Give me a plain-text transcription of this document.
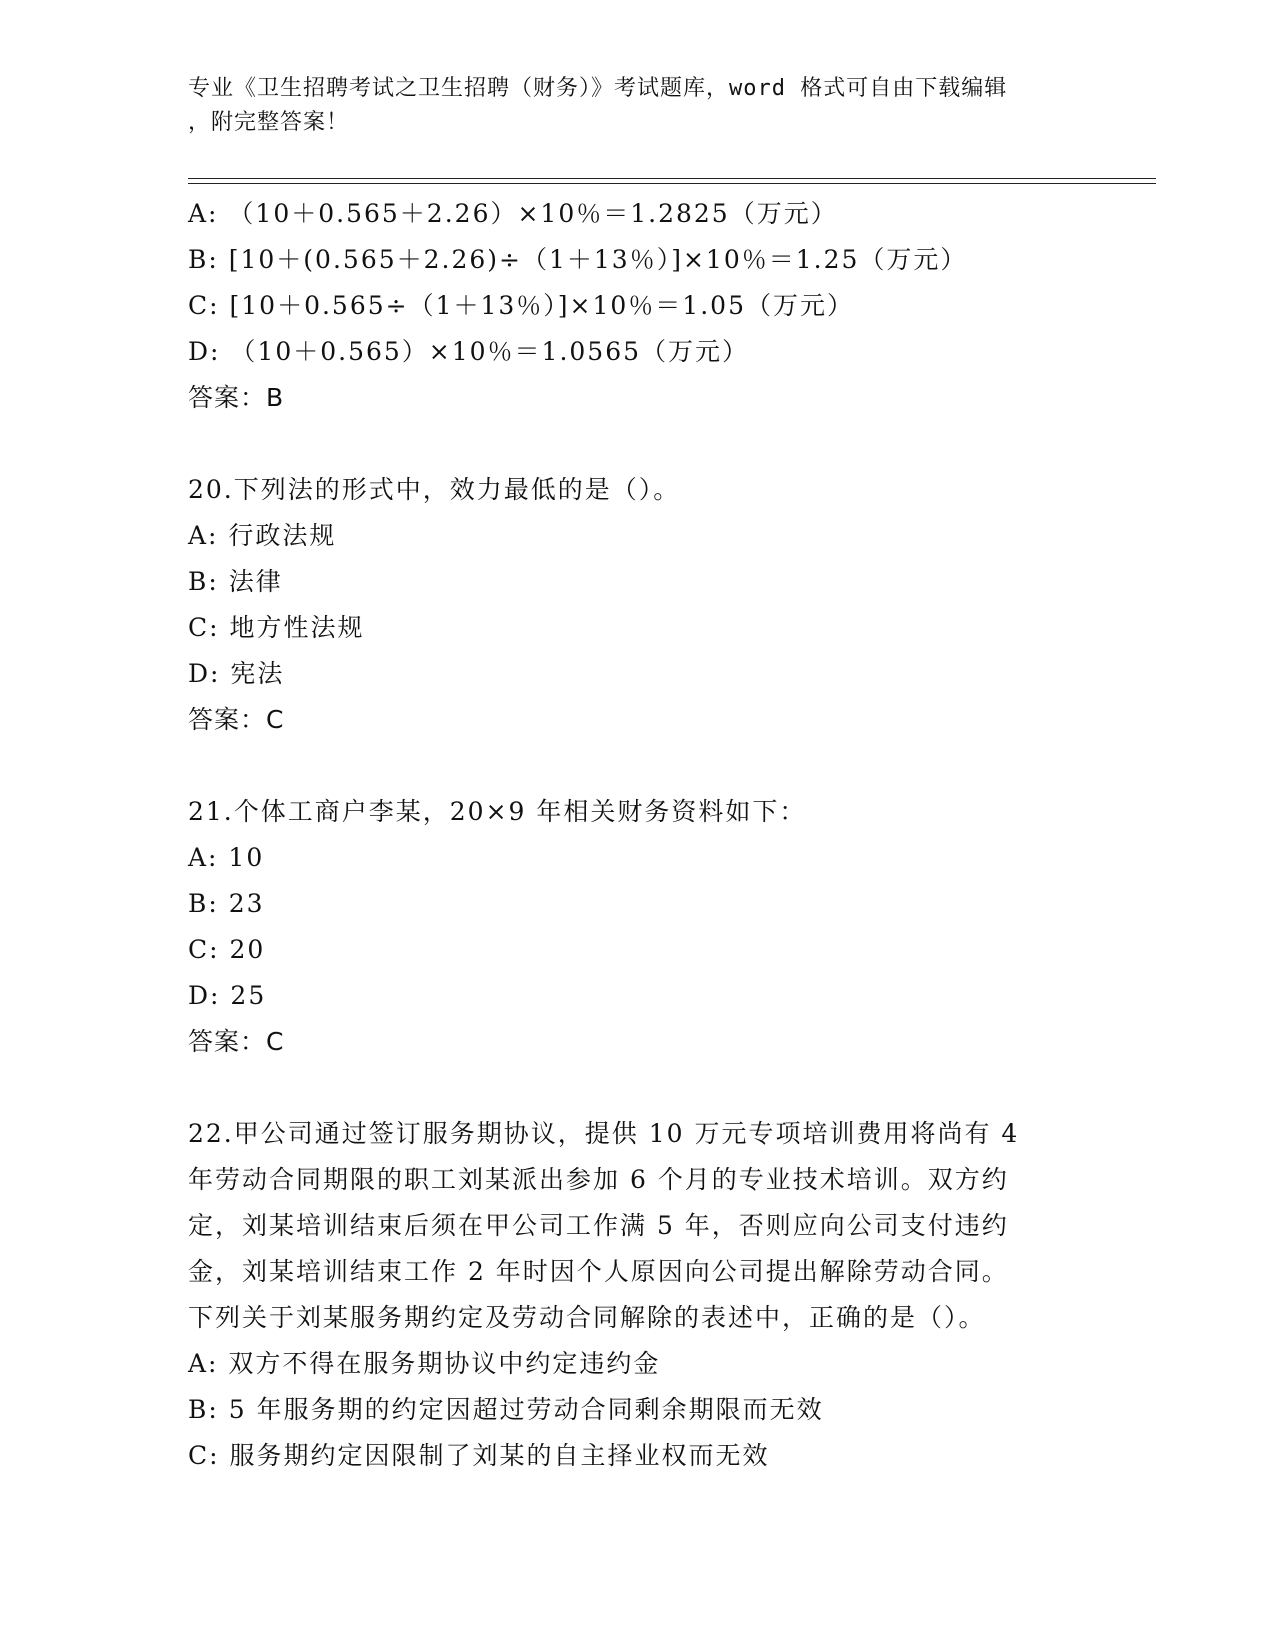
专业《卫生招聘考试之卫生招聘（财务）》考试题库，word 格式可自由下载编辑
，附完整答案！
A: （10＋0.565＋2.26）×10％＝1.2825（万元）
B: [10＋(0.565＋2.26)÷（1＋13％）]×10％＝1.25（万元）
C: [10＋0.565÷（1＋13％）]×10％＝1.05（万元）
D: （10＋0.565）×10％＝1.0565（万元）
答案：B
20.下列法的形式中，效力最低的是（）。
A: 行政法规
B: 法律
C: 地方性法规
D: 宪法
答案：C
21.个体工商户李某，20×9 年相关财务资料如下：
A: 10
B: 23
C: 20
D: 25
答案：C
22.甲公司通过签订服务期协议，提供 10 万元专项培训费用将尚有 4
年劳动合同期限的职工刘某派出参加 6 个月的专业技术培训。双方约
定，刘某培训结束后须在甲公司工作满 5 年，否则应向公司支付违约
金，刘某培训结束工作 2 年时因个人原因向公司提出解除劳动合同。
下列关于刘某服务期约定及劳动合同解除的表述中，正确的是（）。
A: 双方不得在服务期协议中约定违约金
B: 5 年服务期的约定因超过劳动合同剩余期限而无效
C: 服务期约定因限制了刘某的自主择业权而无效
